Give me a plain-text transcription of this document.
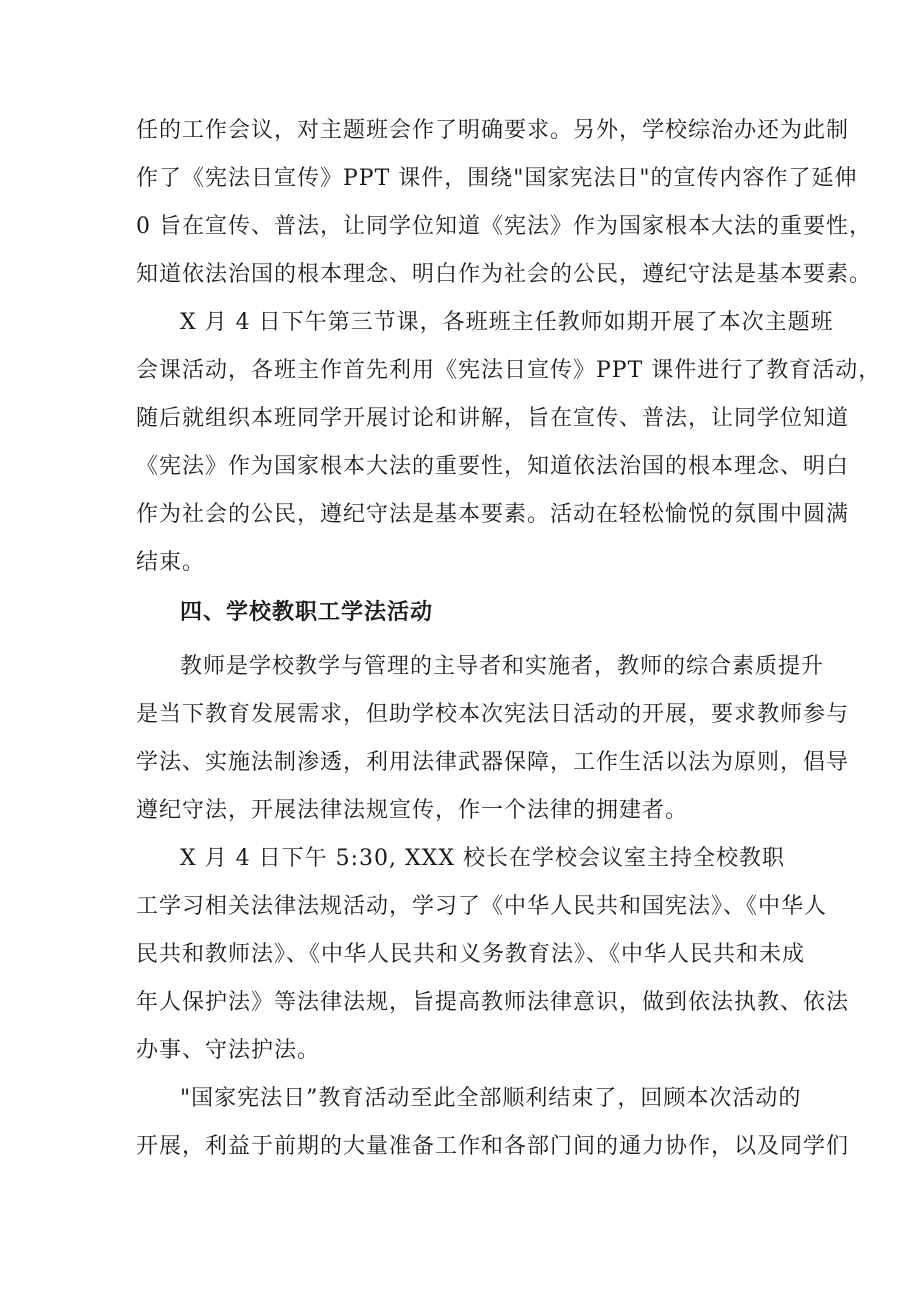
任的工作会议，对主题班会作了明确要求。另外，学校综治办还为此制
作了《宪法日宣传》PPT 课件，围绕"国家宪法日"的宣传内容作了延伸
0 旨在宣传、普法，让同学位知道《宪法》作为国家根本大法的重要性，
知道依法治国的根本理念、明白作为社会的公民，遵纪守法是基本要素。
X 月 4 日下午第三节课，各班班主任教师如期开展了本次主题班
会课活动，各班主作首先利用《宪法日宣传》PPT 课件进行了教育活动，
随后就组织本班同学开展讨论和讲解，旨在宣传、普法，让同学位知道
《宪法》作为国家根本大法的重要性，知道依法治国的根本理念、明白
作为社会的公民，遵纪守法是基本要素。活动在轻松愉悦的氛围中圆满
结束。
四、学校教职工学法活动
教师是学校教学与管理的主导者和实施者，教师的综合素质提升
是当下教育发展需求，但助学校本次宪法日活动的开展，要求教师参与
学法、实施法制渗透，利用法律武器保障，工作生活以法为原则，倡导
遵纪守法，开展法律法规宣传，作一个法律的拥建者。
X 月 4 日下午 5:30, XXX 校长在学校会议室主持全校教职
工学习相关法律法规活动，学习了《中华人民共和国宪法》、《中华人
民共和教师法》、《中华人民共和义务教育法》、《中华人民共和未成
年人保护法》等法律法规，旨提高教师法律意识，做到依法执教、依法
办事、守法护法。
"国家宪法日”教育活动至此全部顺利结束了，回顾本次活动的
开展，利益于前期的大量准备工作和各部门间的通力协作，以及同学们
